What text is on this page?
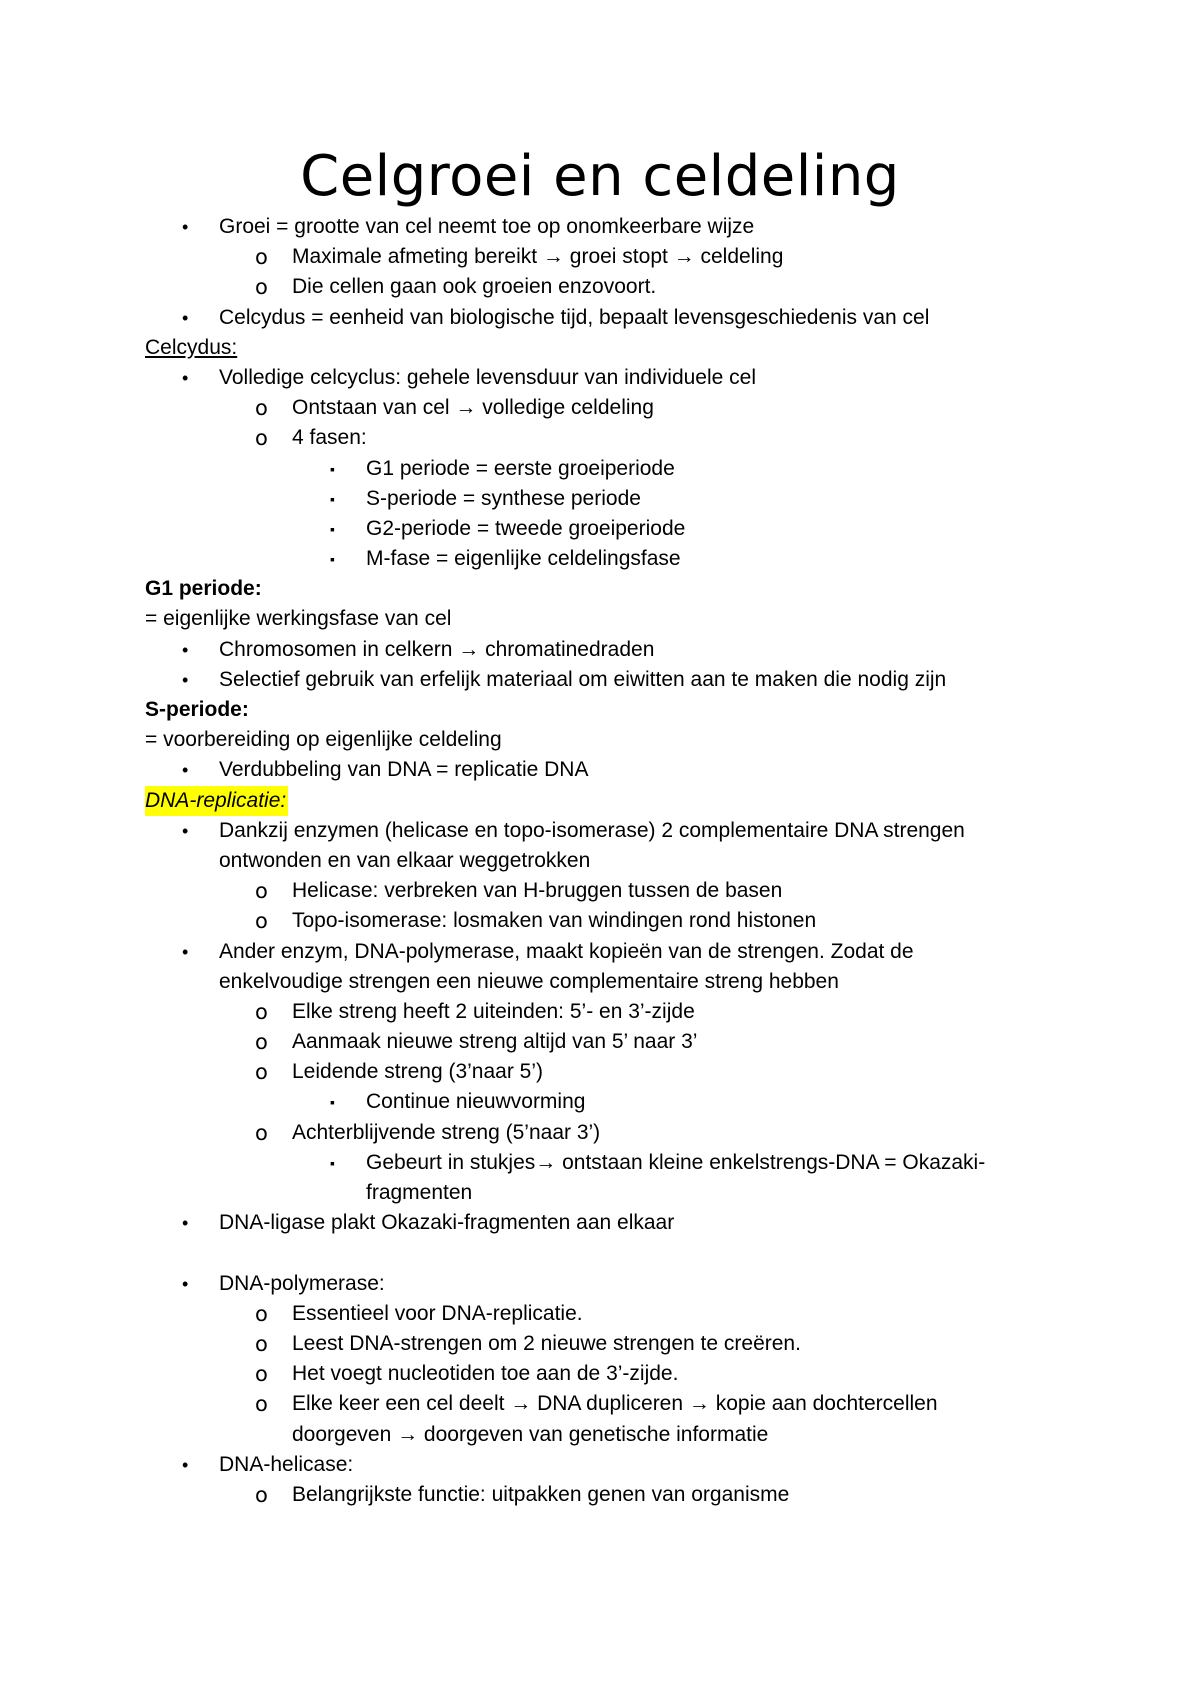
Celgroei en celdeling
•	Groei = grootte van cel neemt toe op onomkeerbare wijze
o	Maximale afmeting bereikt → groei stopt → celdeling
o	Die cellen gaan ook groeien enzovoort.
•	Celcydus = eenheid van biologische tijd, bepaalt levensgeschiedenis van cel
Celcydus:
•	Volledige celcyclus: gehele levensduur van individuele cel
o	Ontstaan van cel → volledige celdeling
o	4 fasen:
▪	G1 periode = eerste groeiperiode
▪	S-periode = synthese periode
▪	G2-periode = tweede groeiperiode
▪	M-fase = eigenlijke celdelingsfase
G1 periode:
= eigenlijke werkingsfase van cel
•	Chromosomen in celkern → chromatinedraden
•	Selectief gebruik van erfelijk materiaal om eiwitten aan te maken die nodig zijn
S-periode:
= voorbereiding op eigenlijke celdeling
•	Verdubbeling van DNA = replicatie DNA
DNA-replicatie:
•	Dankzij enzymen (helicase en topo-isomerase) 2 complementaire DNA strengen
ontwonden en van elkaar weggetrokken
o	Helicase: verbreken van H-bruggen tussen de basen
o	Topo-isomerase: losmaken van windingen rond histonen
•	Ander enzym, DNA-polymerase, maakt kopieën van de strengen. Zodat de
enkelvoudige strengen een nieuwe complementaire streng hebben
o	Elke streng heeft 2 uiteinden: 5’- en 3’-zijde
o	Aanmaak nieuwe streng altijd van 5’ naar 3’
o	Leidende streng (3’naar 5’)
▪	Continue nieuwvorming
o	Achterblijvende streng (5’naar 3’)
▪	Gebeurt in stukjes→ ontstaan kleine enkelstrengs-DNA = Okazaki-
fragmenten
•	DNA-ligase plakt Okazaki-fragmenten aan elkaar
•	DNA-polymerase:
o	Essentieel voor DNA-replicatie.
o	Leest DNA-strengen om 2 nieuwe strengen te creëren.
o	Het voegt nucleotiden toe aan de 3’-zijde.
o	Elke keer een cel deelt → DNA dupliceren → kopie aan dochtercellen
doorgeven → doorgeven van genetische informatie
•	DNA-helicase:
o	Belangrijkste functie: uitpakken genen van organisme
